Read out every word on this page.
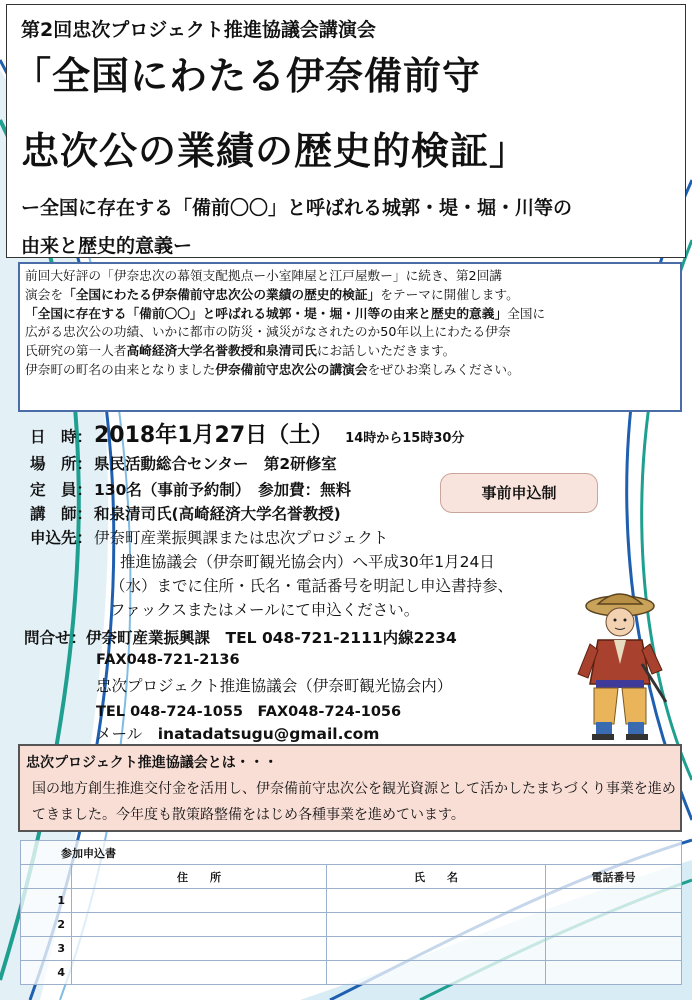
第2回忠次プロジェクト推進協議会講演会
「全国にわたる伊奈備前守
忠次公の業績の歴史的検証」
ー全国に存在する「備前〇〇」と呼ばれる城郭・堤・堀・川等の
由来と歴史的意義ー
前回大好評の「伊奈忠次の幕領支配拠点ー小室陣屋と江戸屋敷ー」に続き、第2回講
演会を「全国にわたる伊奈備前守忠次公の業績の歴史的検証」をテーマに開催します。
「全国に存在する「備前〇〇」と呼ばれる城郭・堤・堀・川等の由来と歴史的意義」全国に
広がる忠次公の功績、いかに都市の防災・減災がなされたのか50年以上にわたる伊奈
氏研究の第一人者高崎経済大学名誉教授和泉清司氏にお話しいただきます。
伊奈町の町名の由来となりました伊奈備前守忠次公の講演会をぜひお楽しみください。
日　時：2018年1月27日（土） 14時から15時30分
場　所： 県民活動総合センター　第2研修室
定　員： 130名（事前予約制）　参加費：無料
講　師： 和泉清司氏(高崎経済大学名誉教授)
申込先： 伊奈町産業振興課または忠次プロジェクト
推進協議会（伊奈町観光協会内）へ平成30年1月24日
（水）までに住所・氏名・電話番号を明記し申込書持参、
ファックスまたはメールにて申込ください。
事前申込制
問合せ：伊奈町産業振興課　TEL 048-721-2111内線2234
FAX048-721-2136
忠次プロジェクト推進協議会（伊奈町観光協会内）
TEL 048-724-1055　FAX048-724-1056
メール　 inatadatsugu@gmail.com
忠次プロジェクト推進協議会とは・・・
国の地方創生推進交付金を活用し、伊奈備前守忠次公を観光資源として活かしたまちづくり事業を進めてきました。今年度も散策路整備をはじめ各種事業を進めています。
参加申込書			
	住　　所	氏　　名	電話番号
1			
2			
3			
4			
